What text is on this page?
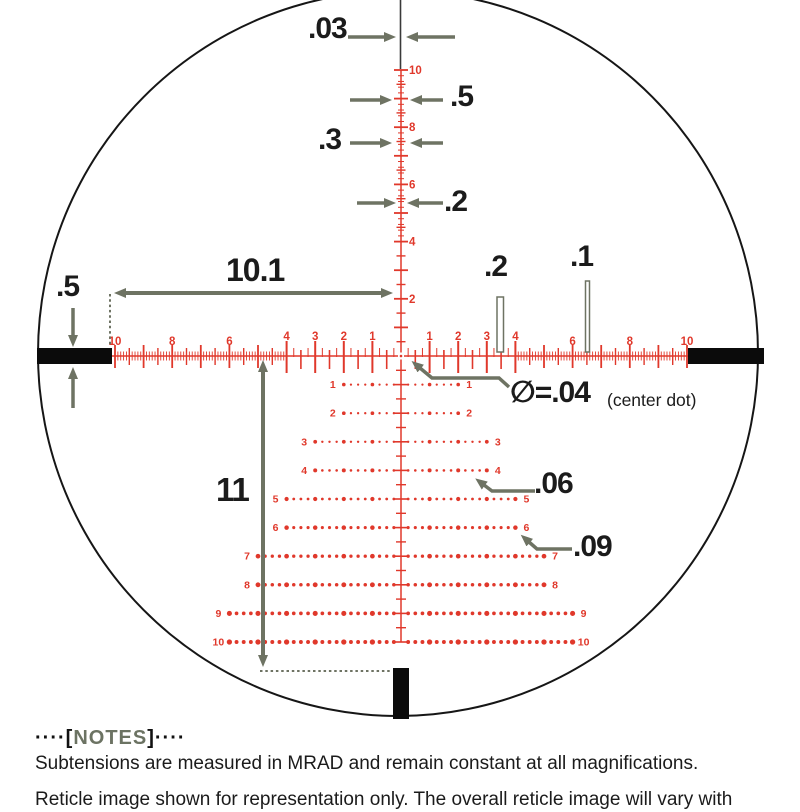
1	1
2	2
3	3
4	4
5	5
6	6
7	7
8	8
9	9
10	10
10
8
6
4
2
10	8	6	4 3 2 1	1 2 3 4	6	8	10
.03
.5
.3
.2
10.1
.5
.2 .1
∅=.04 (center dot)
11	.06
.09
····[NOTES]····
Subtensions are measured in MRAD and remain constant at all magnifications.
Reticle image shown for representation only. The overall reticle image will vary with
